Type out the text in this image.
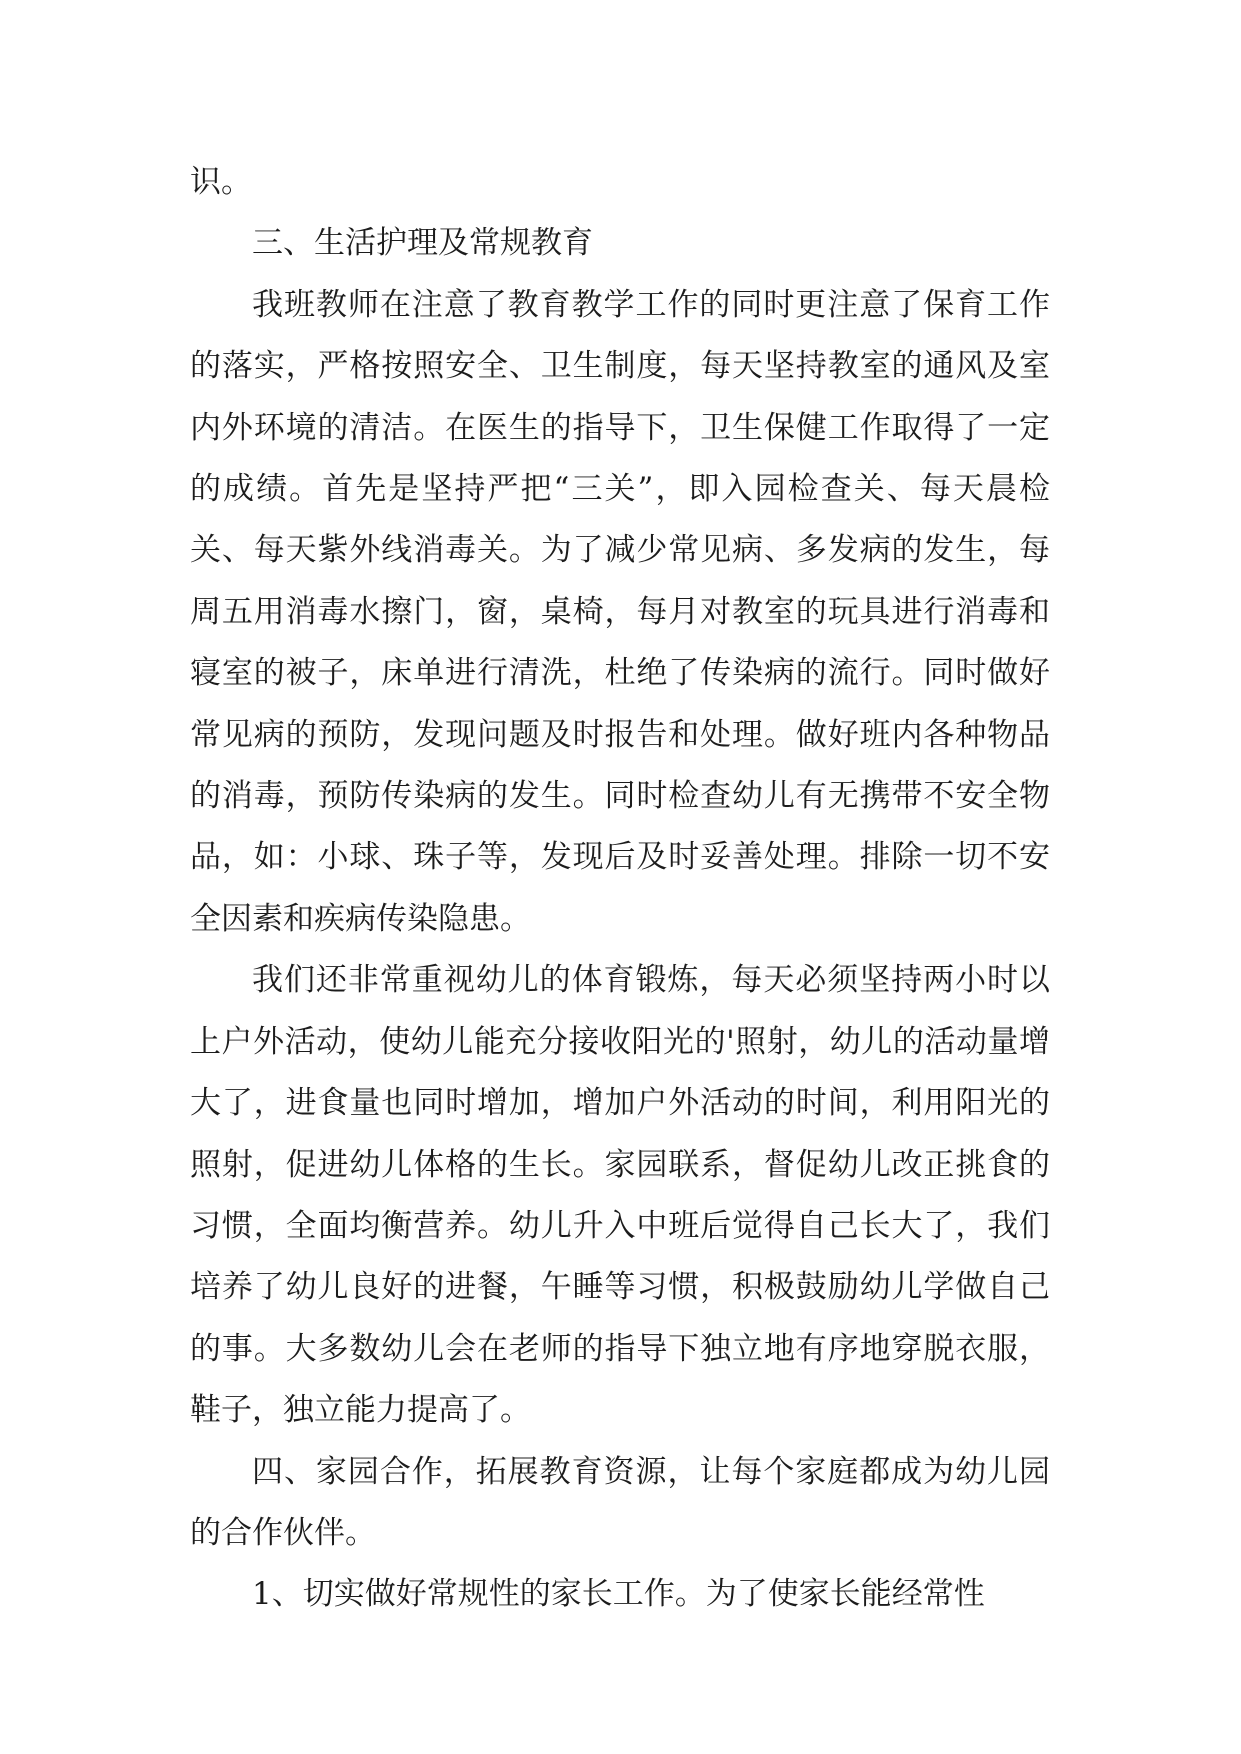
识。

三、生活护理及常规教育

我班教师在注意了教育教学工作的同时更注意了保育工作的落实，严格按照安全、卫生制度，每天坚持教室的通风及室内外环境的清洁。在医生的指导下，卫生保健工作取得了一定的成绩。首先是坚持严把“三关”，即入园检查关、每天晨检关、每天紫外线消毒关。为了减少常见病、多发病的发生，每周五用消毒水擦门，窗，桌椅，每月对教室的玩具进行消毒和寝室的被子，床单进行清洗，杜绝了传染病的流行。同时做好常见病的预防，发现问题及时报告和处理。做好班内各种物品的消毒，预防传染病的发生。同时检查幼儿有无携带不安全物品，如：小球、珠子等，发现后及时妥善处理。排除一切不安全因素和疾病传染隐患。

我们还非常重视幼儿的体育锻炼，每天必须坚持两小时以上户外活动，使幼儿能充分接收阳光的'照射，幼儿的活动量增大了，进食量也同时增加，增加户外活动的时间，利用阳光的照射，促进幼儿体格的生长。家园联系，督促幼儿改正挑食的习惯，全面均衡营养。幼儿升入中班后觉得自己长大了，我们培养了幼儿良好的进餐，午睡等习惯，积极鼓励幼儿学做自己的事。大多数幼儿会在老师的指导下独立地有序地穿脱衣服，鞋子，独立能力提高了。

四、家园合作，拓展教育资源，让每个家庭都成为幼儿园的合作伙伴。

1、切实做好常规性的家长工作。为了使家长能经常性
